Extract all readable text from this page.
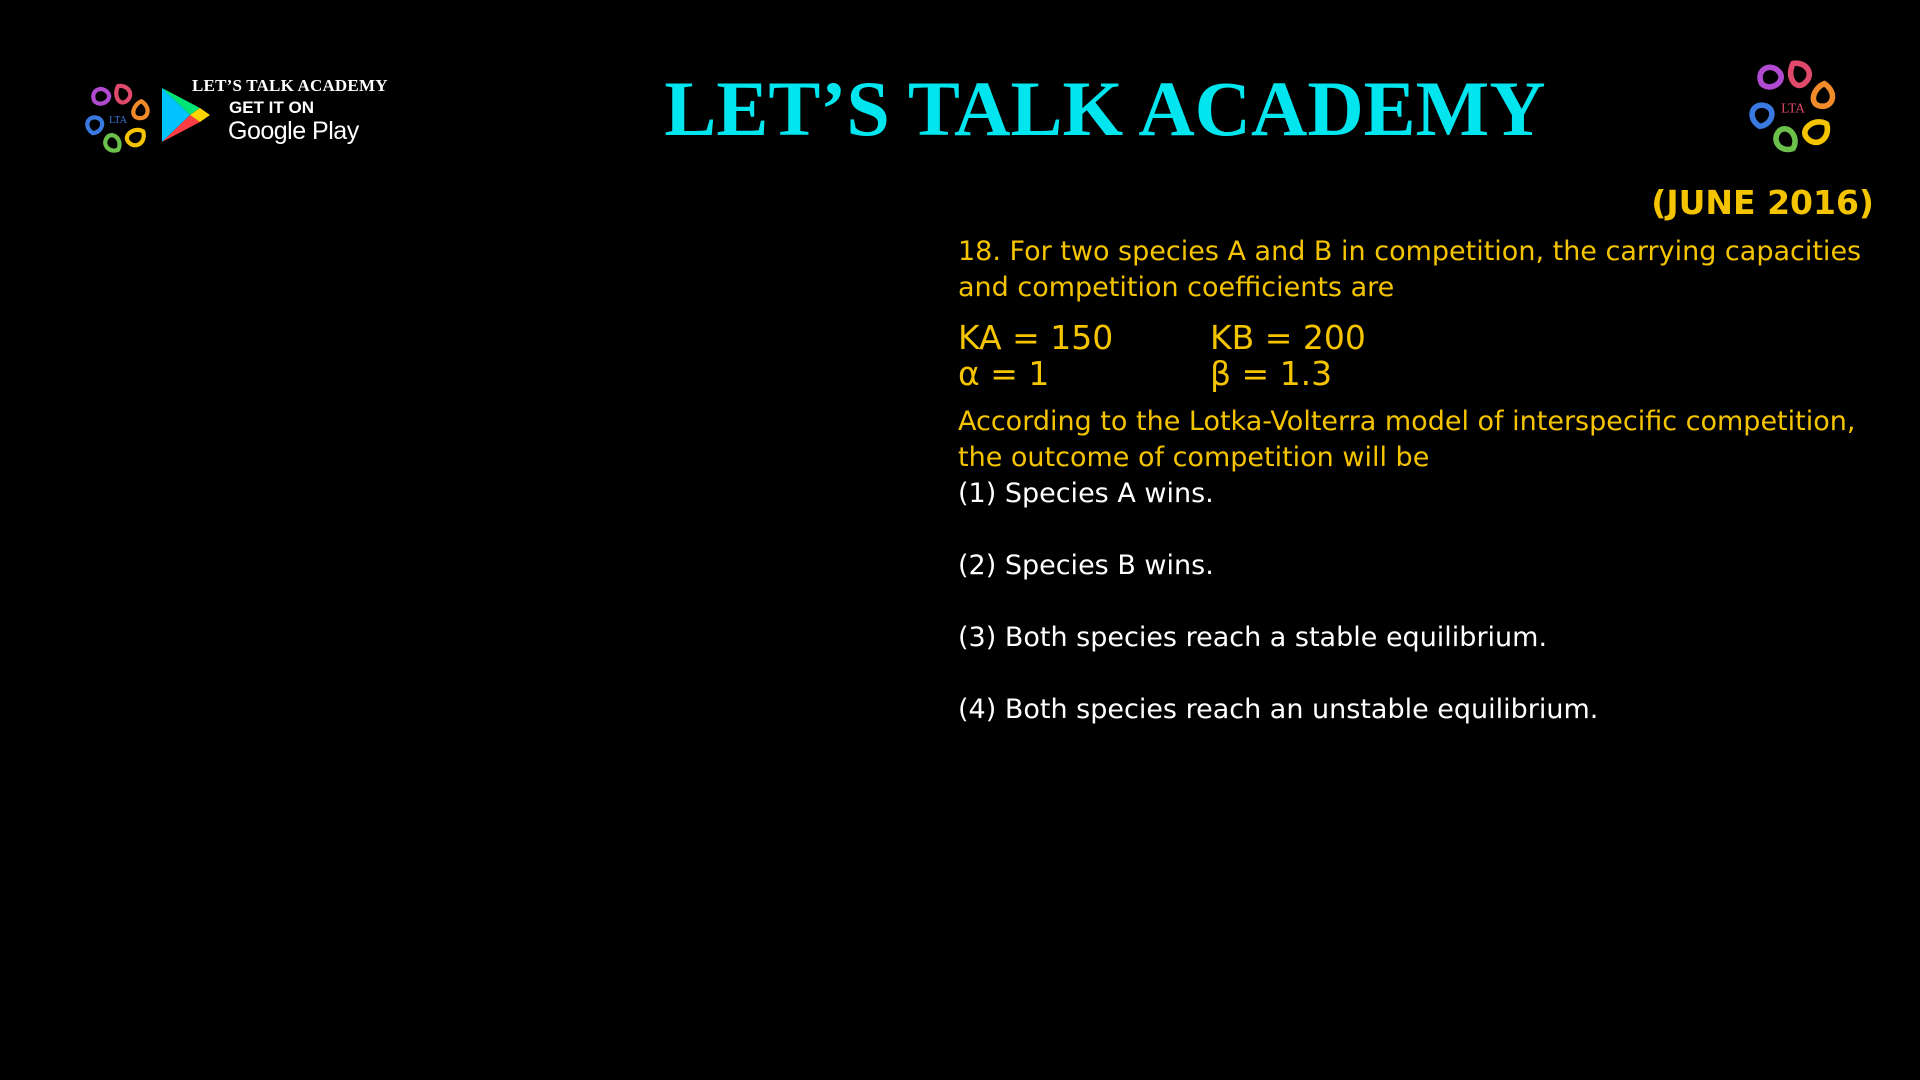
LTA
LET’S TALK ACADEMY
GET IT ON
Google Play	LET’S TALK ACADEMY	LTA
(JUNE 2016)

18. For two species A and B in competition, the carrying capacities and competition coefficients are

KA = 150	KB = 200
α = 1	β = 1.3

According to the Lotka-Volterra model of interspecific competition, the outcome of competition will be

(1) Species A wins.
(2) Species B wins.
(3) Both species reach a stable equilibrium.
(4) Both species reach an unstable equilibrium.
